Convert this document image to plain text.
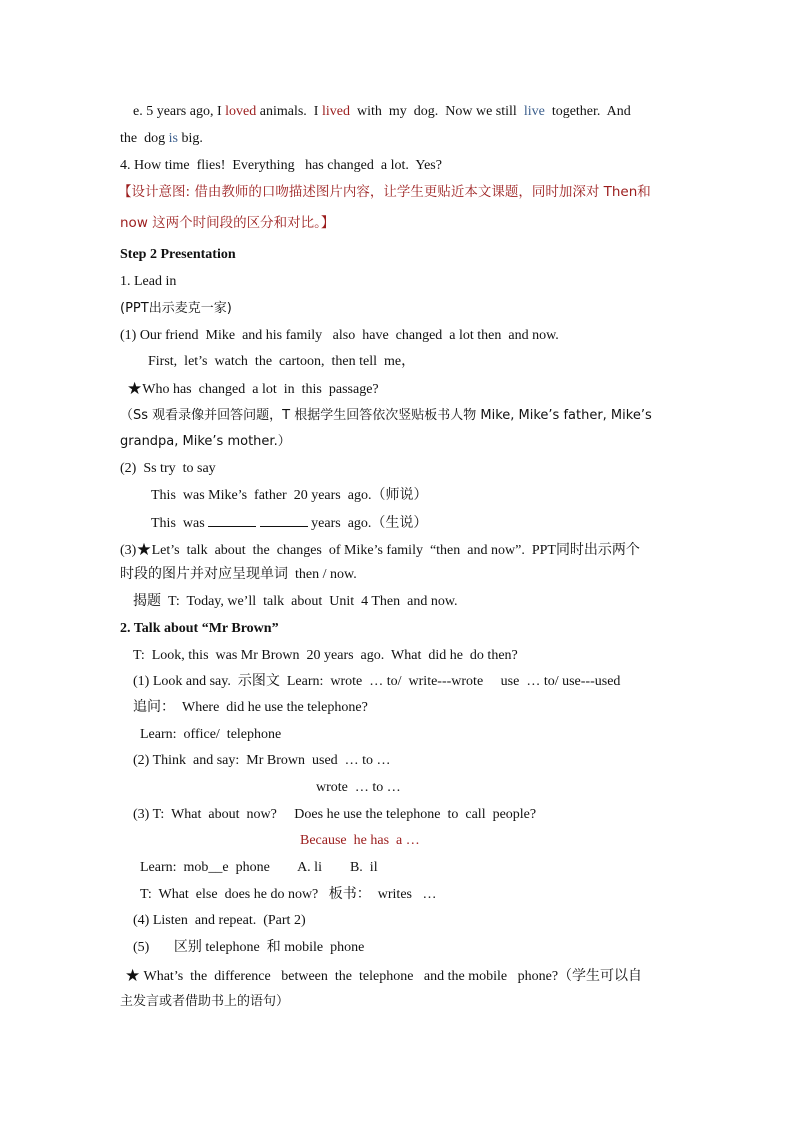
e. 5 years ago, I loved animals.  I lived  with  my  dog.  Now we still  live  together.  And
the  dog is big.
4. How time  flies!  Everything   has changed  a lot.  Yes?
【设计意图: 借由教师的口吻描述图片内容，让学生更贴近本文课题，同时加深对 Then和
now 这两个时间段的区分和对比。】
Step 2 Presentation
1. Lead in
(PPT出示麦克一家)
(1) Our friend  Mike  and his family   also  have  changed  a lot then  and now.
First,  let’s  watch  the  cartoon,  then tell  me，
★Who has  changed  a lot  in  this  passage?
（Ss 观看录像并回答问题，T 根据学生回答依次竖贴板书人物 Mike, Mike’s father, Mike’s
grandpa, Mike’s mother.）
(2)  Ss try  to say
This  was Mike’s  father  20 years  ago.（师说）
This  was	years  ago.（生说）
(3)★Let’s  talk  about  the  changes  of Mike’s family  “then  and now”.  PPT同时出示两个
时段的图片并对应呈现单词  then / now.
揭题  T:  Today, we’ll  talk  about  Unit  4 Then  and now.
2. Talk about “Mr Brown”
T:  Look, this  was Mr Brown  20 years  ago.  What  did he  do then?
(1) Look and say.  示图文  Learn:  wrote  … to/  write---wrote     use  … to/ use---used
追问：  Where  did he use the telephone?
Learn:  office/  telephone
(2) Think  and say:  Mr Brown  used  … to …
wrote  … to …
(3) T:  What  about  now?     Does he use the telephone  to  call  people?
Because  he has  a …
Learn:  mob__e  phone        A. li        B.  il
T:  What  else  does he do now?   板书：  writes   …
(4) Listen  and repeat.  (Part 2)
(5)       区别 telephone  和 mobile  phone
★ What’s  the  difference   between  the  telephone   and the mobile   phone?（学生可以自
主发言或者借助书上的语句）
